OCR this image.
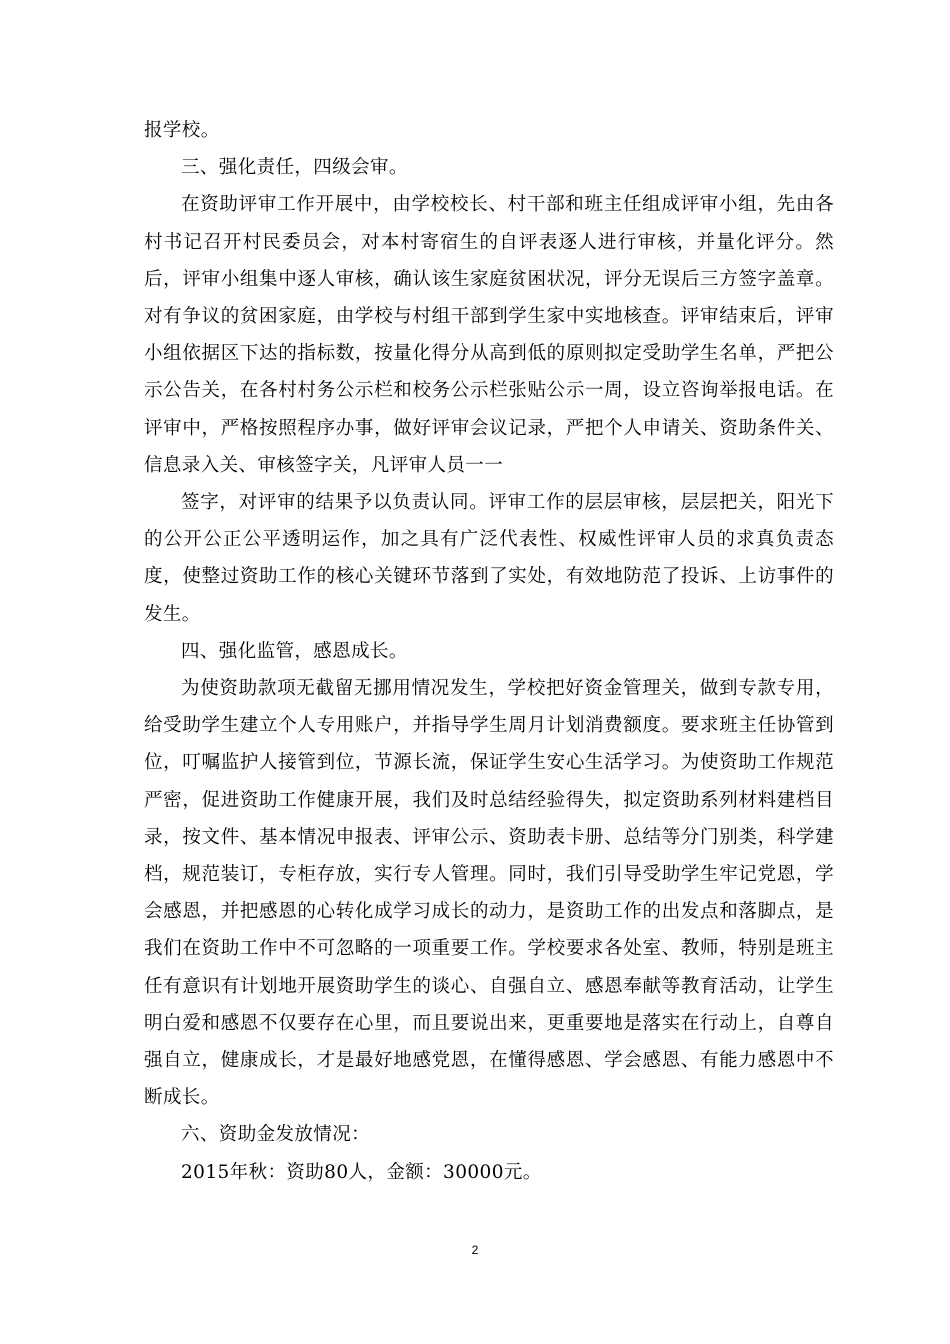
报学校。

三、强化责任，四级会审。

在资助评审工作开展中，由学校校长、村干部和班主任组成评审小组，先由各村书记召开村民委员会，对本村寄宿生的自评表逐人进行审核，并量化评分。然后，评审小组集中逐人审核，确认该生家庭贫困状况，评分无误后三方签字盖章。对有争议的贫困家庭，由学校与村组干部到学生家中实地核查。评审结束后，评审小组依据区下达的指标数，按量化得分从高到低的原则拟定受助学生名单，严把公示公告关，在各村村务公示栏和校务公示栏张贴公示一周，设立咨询举报电话。在评审中，严格按照程序办事，做好评审会议记录，严把个人申请关、资助条件关、信息录入关、审核签字关，凡评审人员一一

签字，对评审的结果予以负责认同。评审工作的层层审核，层层把关，阳光下的公开公正公平透明运作，加之具有广泛代表性、权威性评审人员的求真负责态度，使整过资助工作的核心关键环节落到了实处，有效地防范了投诉、上访事件的发生。

四、强化监管，感恩成长。

为使资助款项无截留无挪用情况发生，学校把好资金管理关，做到专款专用，给受助学生建立个人专用账户，并指导学生周月计划消费额度。要求班主任协管到位，叮嘱监护人接管到位，节源长流，保证学生安心生活学习。为使资助工作规范严密，促进资助工作健康开展，我们及时总结经验得失，拟定资助系列材料建档目录，按文件、基本情况申报表、评审公示、资助表卡册、总结等分门别类，科学建档，规范装订，专柜存放，实行专人管理。同时，我们引导受助学生牢记党恩，学会感恩，并把感恩的心转化成学习成长的动力，是资助工作的出发点和落脚点，是我们在资助工作中不可忽略的一项重要工作。学校要求各处室、教师，特别是班主任有意识有计划地开展资助学生的谈心、自强自立、感恩奉献等教育活动，让学生明白爱和感恩不仅要存在心里，而且要说出来，更重要地是落实在行动上，自尊自强自立，健康成长，才是最好地感党恩，在懂得感恩、学会感恩、有能力感恩中不断成长。

六、资助金发放情况：

2015年秋：资助80人，金额：30000元。

2
